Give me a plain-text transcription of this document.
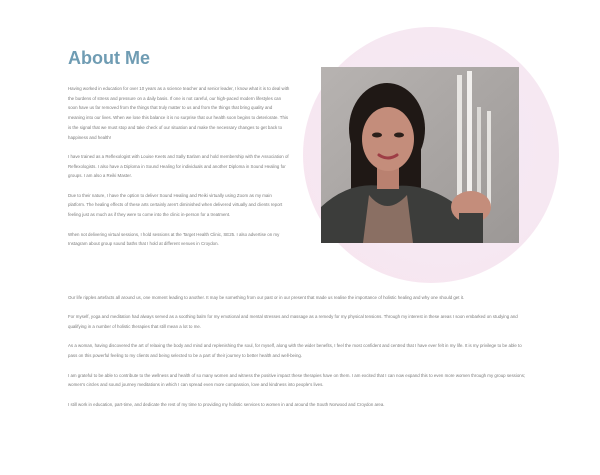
About Me

Having worked in education for over 10 years as a science teacher and senior leader, I know what it is to deal with the burdens of stress and pressure on a daily basis. If one is not careful, our high-paced modern lifestyles can soon have us far removed from the things that truly matter to us and from the things that bring quality and meaning into our lives. When we lose this balance it is no surprise that our health soon begins to deteriorate. This is the signal that we must stop and take check of our situation and make the necessary changes to get back to happiness and health!

I have trained as a Reflexologist with Louise Keets and Sally Earlam and hold membership with the Association of Reflexologists. I also have a Diploma in Sound Healing for individuals and another Diploma in Sound Healing for groups. I am also a Reiki Master.

Due to their nature, I have the option to deliver Sound Healing and Reiki virtually using Zoom as my main platform. The healing effects of these arts certainly aren't diminished when delivered virtually and clients report feeling just as much as if they were to come into the clinic in-person for a treatment.

When not delivering virtual sessions, I hold sessions at the Target Health Clinic, SE25. I also advertise on my Instagram about group sound baths that I hold at different venues in Croydon.

Our life ripples artefacts all around us, one moment leading to another. It may be something from our past or in our present that made us realise the importance of holistic healing and why one should get it.

For myself, yoga and meditation had always served as a soothing balm for my emotional and mental stresses and massage as a remedy for my physical tensions. Through my interest in these areas I soon embarked on studying and qualifying in a number of holistic therapies that still mean a lot to me.

As a woman, having discovered the art of relaxing the body and mind and replenishing the soul, for myself, along with the wider benefits, I feel the most confident and centred that I have ever felt in my life. It is my privilege to be able to pass on this powerful feeling to my clients and being selected to be a part of their journey to better health and well-being.

I am grateful to be able to contribute to the wellness and health of so many women and witness the positive impact these therapies have on them. I am excited that I can now expand this to even more women through my group sessions; women's circles and sound journey meditations in which I can spread even more compassion, love and kindness into people's lives.

I still work in education, part-time, and dedicate the rest of my time to providing my holistic services to women in and around the South Norwood and Croydon area.
